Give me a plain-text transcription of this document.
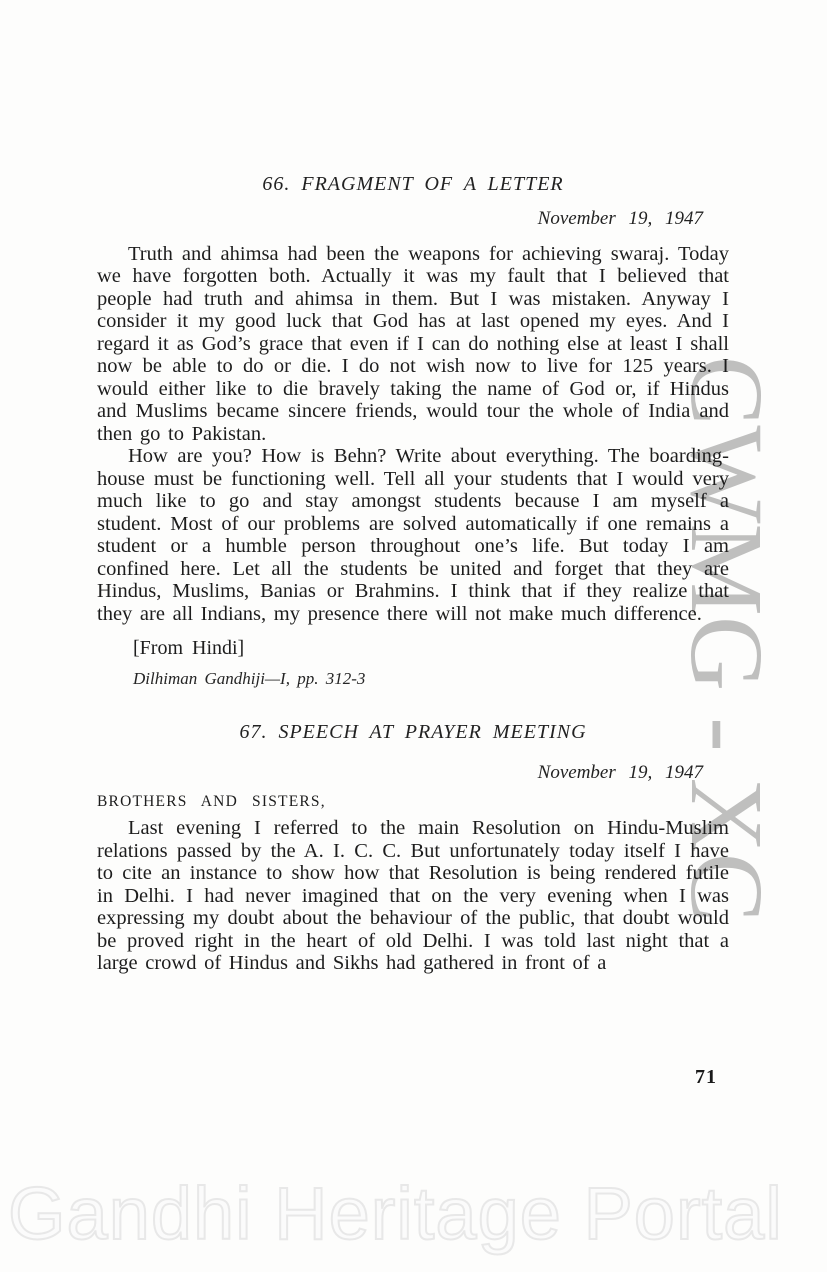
CWMG - XC
66. FRAGMENT OF A LETTER
November 19, 1947

Truth and ahimsa had been the weapons for achieving swaraj. Today we have forgotten both. Actually it was my fault that I believed that people had truth and ahimsa in them. But I was mistaken. Anyway I consider it my good luck that God has at last opened my eyes. And I regard it as God’s grace that even if I can do nothing else at least I shall now be able to do or die. I do not wish now to live for 125 years. I would either like to die bravely taking the name of God or, if Hindus and Muslims became sincere friends, would tour the whole of India and then go to Pakistan.

How are you? How is Behn? Write about everything. The boarding-house must be functioning well. Tell all your students that I would very much like to go and stay amongst students because I am myself a student. Most of our problems are solved automatically if one remains a student or a humble person throughout one’s life. But today I am confined here. Let all the students be united and forget that they are Hindus, Muslims, Banias or Brahmins. I think that if they realize that they are all Indians, my presence there will not make much difference.

[From Hindi]

Dilhiman Gandhiji—I, pp. 312-3

67. SPEECH AT PRAYER MEETING
November 19, 1947
BROTHERS AND SISTERS,

Last evening I referred to the main Resolution on Hindu-Muslim relations passed by the A. I. C. C. But unfortunately today itself I have to cite an instance to show how that Resolution is being rendered futile in Delhi. I had never imagined that on the very evening when I was expressing my doubt about the behaviour of the public, that doubt would be proved right in the heart of old Delhi. I was told last night that a large crowd of Hindus and Sikhs had gathered in front of a

71
Gandhi Heritage Portal
